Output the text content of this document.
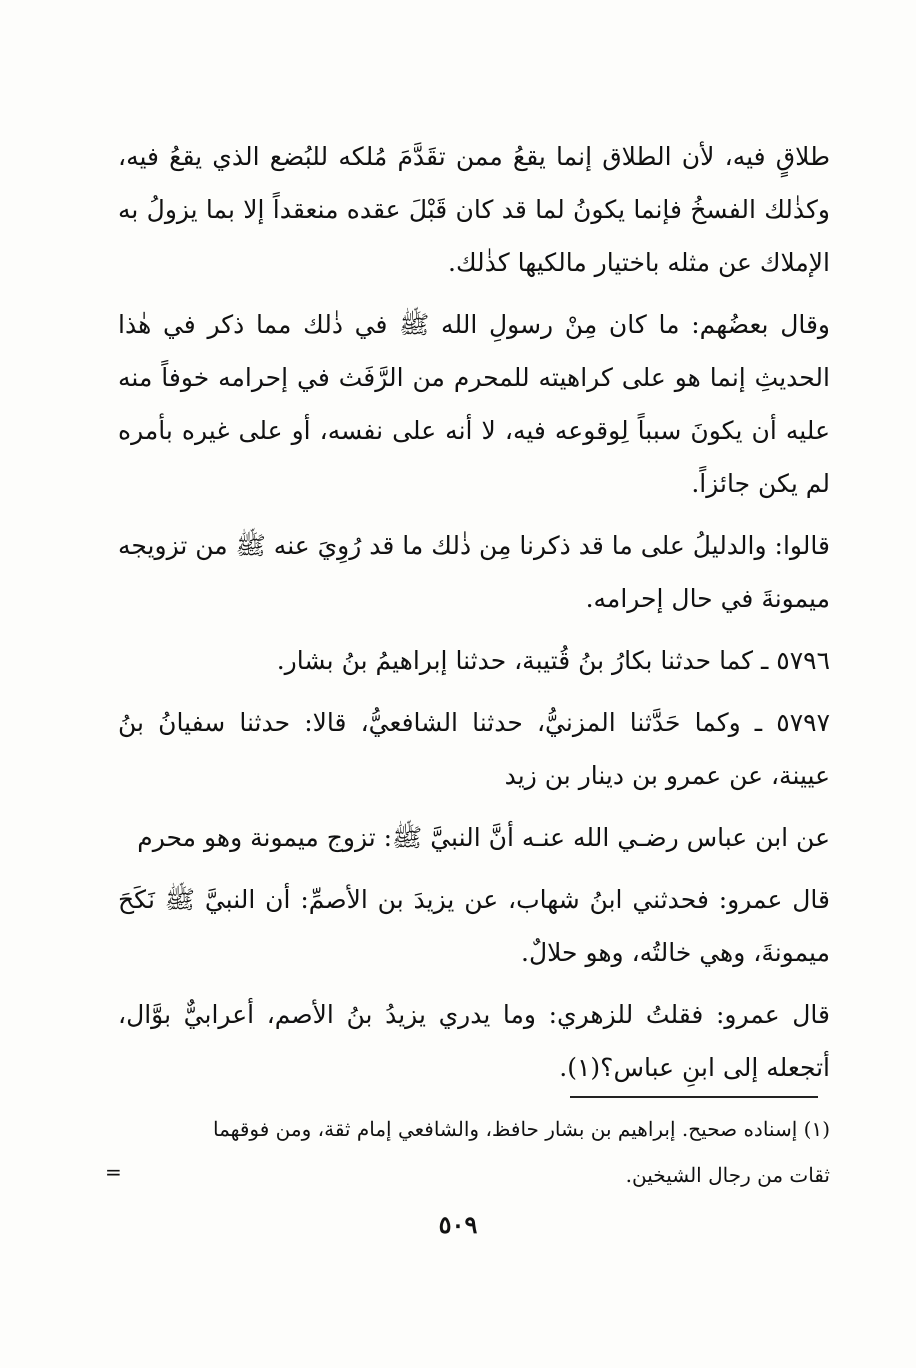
طلاقٍ فيه، لأن الطلاق إنما يقعُ ممن تقَدَّمَ مُلكه للبُضع الذي يقعُ فيه، وكذٰلك الفسخُ فإنما يكونُ لما قد كان قَبْلَ عقده منعقداً إلا بما يزولُ به الإملاك عن مثله باختيار مالكيها كذٰلك.

وقال بعضُهم: ما كان مِنْ رسولِ الله ﷺ في ذٰلك مما ذكر في هٰذا الحديثِ إنما هو على كراهيته للمحرم من الرَّفَث في إحرامه خوفاً منه عليه أن يكونَ سبباً لِوقوعه فيه، لا أنه على نفسه، أو على غيره بأمره لم يكن جائزاً.

قالوا: والدليلُ على ما قد ذكرنا مِن ذٰلك ما قد رُوِيَ عنه ﷺ من تزويجه ميمونةَ في حال إحرامه.

٥٧٩٦ ـ كما حدثنا بكارُ بنُ قُتيبة، حدثنا إبراهيمُ بنُ بشار.

٥٧٩٧ ـ وكما حَدَّثنا المزنيُّ، حدثنا الشافعيُّ، قالا: حدثنا سفيانُ بنُ عيينة، عن عمرو بن دينار بن زيد

عن ابن عباس رضـي الله عنـه أنَّ النبيَّ ﷺ: تزوج ميمونة وهو محرم

قال عمرو: فحدثني ابنُ شهاب، عن يزيدَ بن الأصمِّ: أن النبيَّ ﷺ نَكَحَ ميمونةَ، وهي خالتُه، وهو حلالٌ.

قال عمرو: فقلتُ للزهري: وما يدري يزيدُ بنُ الأصم، أعرابيٌّ بوَّال، أتجعله إلى ابنِ عباس؟(١).

(١) إسناده صحيح. إبراهيم بن بشار حافظ، والشافعي إمام ثقة، ومن فوقهما

ثقات من رجال الشيخين.

=
٥٠٩
